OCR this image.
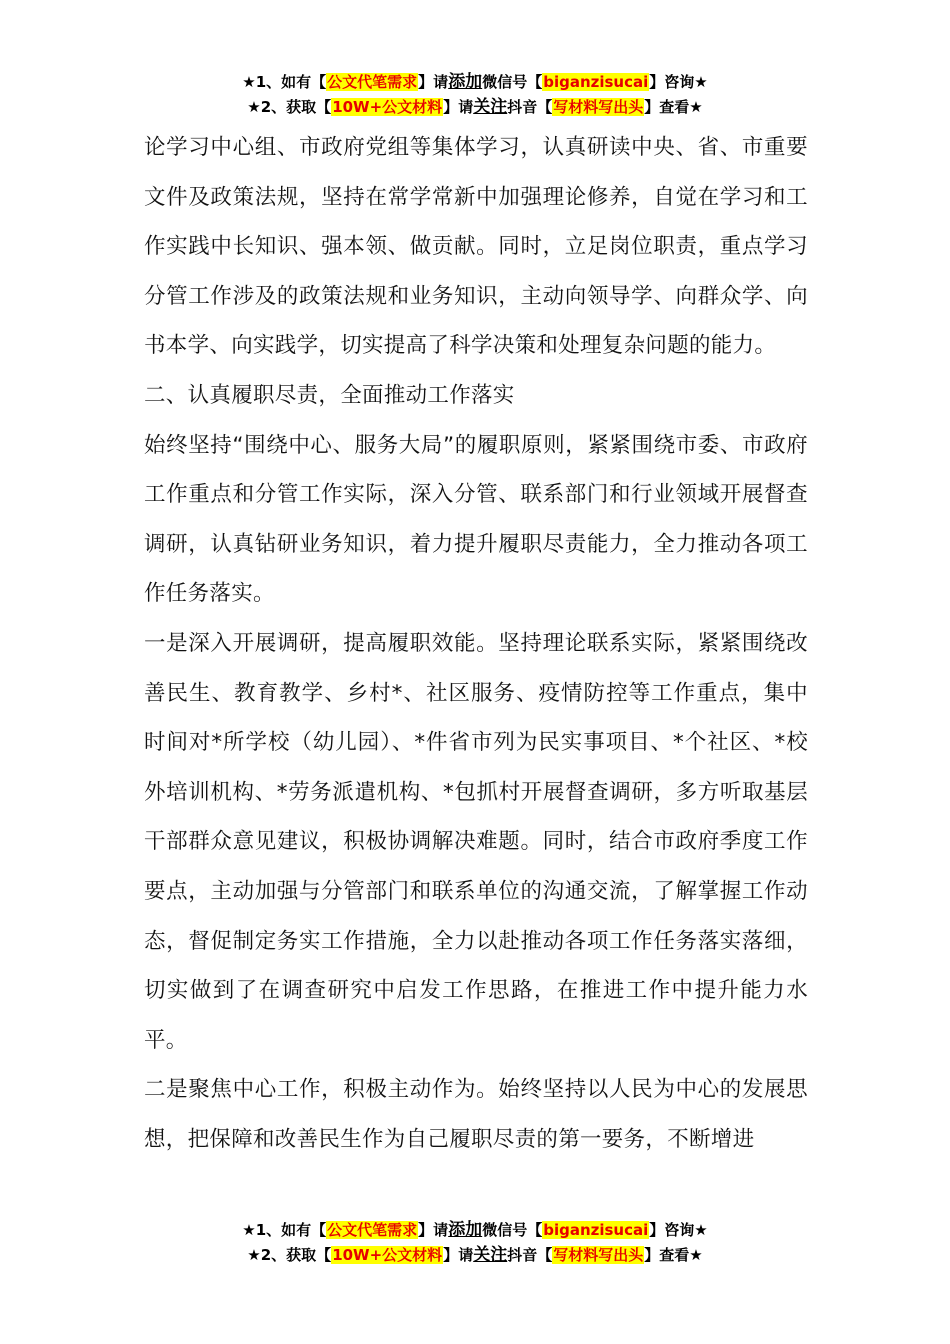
★1、如有【公文代笔需求】请添加微信号【biganzisucai】咨询★
★2、获取【10W+公文材料】请关注抖音【写材料写出头】查看★

论学习中心组、市政府党组等集体学习，认真研读中央、省、市重要文件及政策法规，坚持在常学常新中加强理论修养，自觉在学习和工作实践中长知识、强本领、做贡献。同时，立足岗位职责，重点学习分管工作涉及的政策法规和业务知识，主动向领导学、向群众学、向书本学、向实践学，切实提高了科学决策和处理复杂问题的能力。

二、认真履职尽责，全面推动工作落实

始终坚持“围绕中心、服务大局”的履职原则，紧紧围绕市委、市政府工作重点和分管工作实际，深入分管、联系部门和行业领域开展督查调研，认真钻研业务知识，着力提升履职尽责能力，全力推动各项工作任务落实。

一是深入开展调研，提高履职效能。坚持理论联系实际，紧紧围绕改善民生、教育教学、乡村*、社区服务、疫情防控等工作重点，集中时间对*所学校（幼儿园）、*件省市列为民实事项目、*个社区、*校外培训机构、*劳务派遣机构、*包抓村开展督查调研，多方听取基层干部群众意见建议，积极协调解决难题。同时，结合市政府季度工作要点，主动加强与分管部门和联系单位的沟通交流，了解掌握工作动态，督促制定务实工作措施，全力以赴推动各项工作任务落实落细，切实做到了在调查研究中启发工作思路，在推进工作中提升能力水平。

二是聚焦中心工作，积极主动作为。始终坚持以人民为中心的发展思想，把保障和改善民生作为自己履职尽责的第一要务，不断增进

★1、如有【公文代笔需求】请添加微信号【biganzisucai】咨询★
★2、获取【10W+公文材料】请关注抖音【写材料写出头】查看★
